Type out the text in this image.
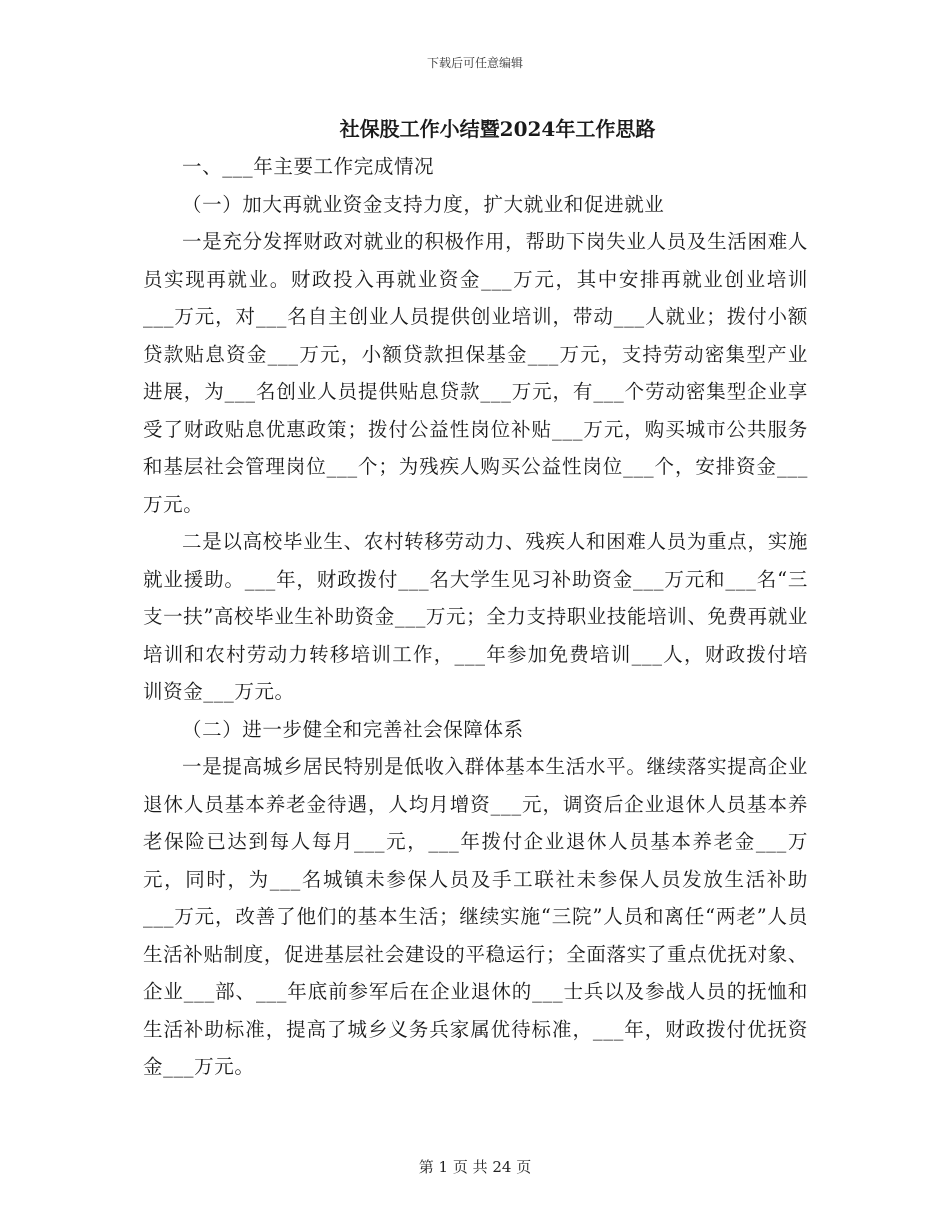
下载后可任意编辑
社保股工作小结暨2024年工作思路

一、___年主要工作完成情况

（一）加大再就业资金支持力度，扩大就业和促进就业

一是充分发挥财政对就业的积极作用，帮助下岗失业人员及生活困难人员实现再就业。财政投入再就业资金___万元，其中安排再就业创业培训___万元，对___名自主创业人员提供创业培训，带动___人就业；拨付小额贷款贴息资金___万元，小额贷款担保基金___万元，支持劳动密集型产业进展，为___名创业人员提供贴息贷款___万元，有___个劳动密集型企业享受了财政贴息优惠政策；拨付公益性岗位补贴___万元，购买城市公共服务和基层社会管理岗位___个；为残疾人购买公益性岗位___个，安排资金___万元。

二是以高校毕业生、农村转移劳动力、残疾人和困难人员为重点，实施就业援助。___年，财政拨付___名大学生见习补助资金___万元和___名“三支一扶”高校毕业生补助资金___万元；全力支持职业技能培训、免费再就业培训和农村劳动力转移培训工作，___年参加免费培训___人，财政拨付培训资金___万元。

（二）进一步健全和完善社会保障体系

一是提高城乡居民特别是低收入群体基本生活水平。继续落实提高企业退休人员基本养老金待遇，人均月增资___元，调资后企业退休人员基本养老保险已达到每人每月___元，___年拨付企业退休人员基本养老金___万元，同时，为___名城镇未参保人员及手工联社未参保人员发放生活补助___万元，改善了他们的基本生活；继续实施“三院”人员和离任“两老”人员生活补贴制度，促进基层社会建设的平稳运行；全面落实了重点优抚对象、企业___部、___年底前参军后在企业退休的___士兵以及参战人员的抚恤和生活补助标准，提高了城乡义务兵家属优待标准，___年，财政拨付优抚资金___万元。

第 1 页 共 24 页
